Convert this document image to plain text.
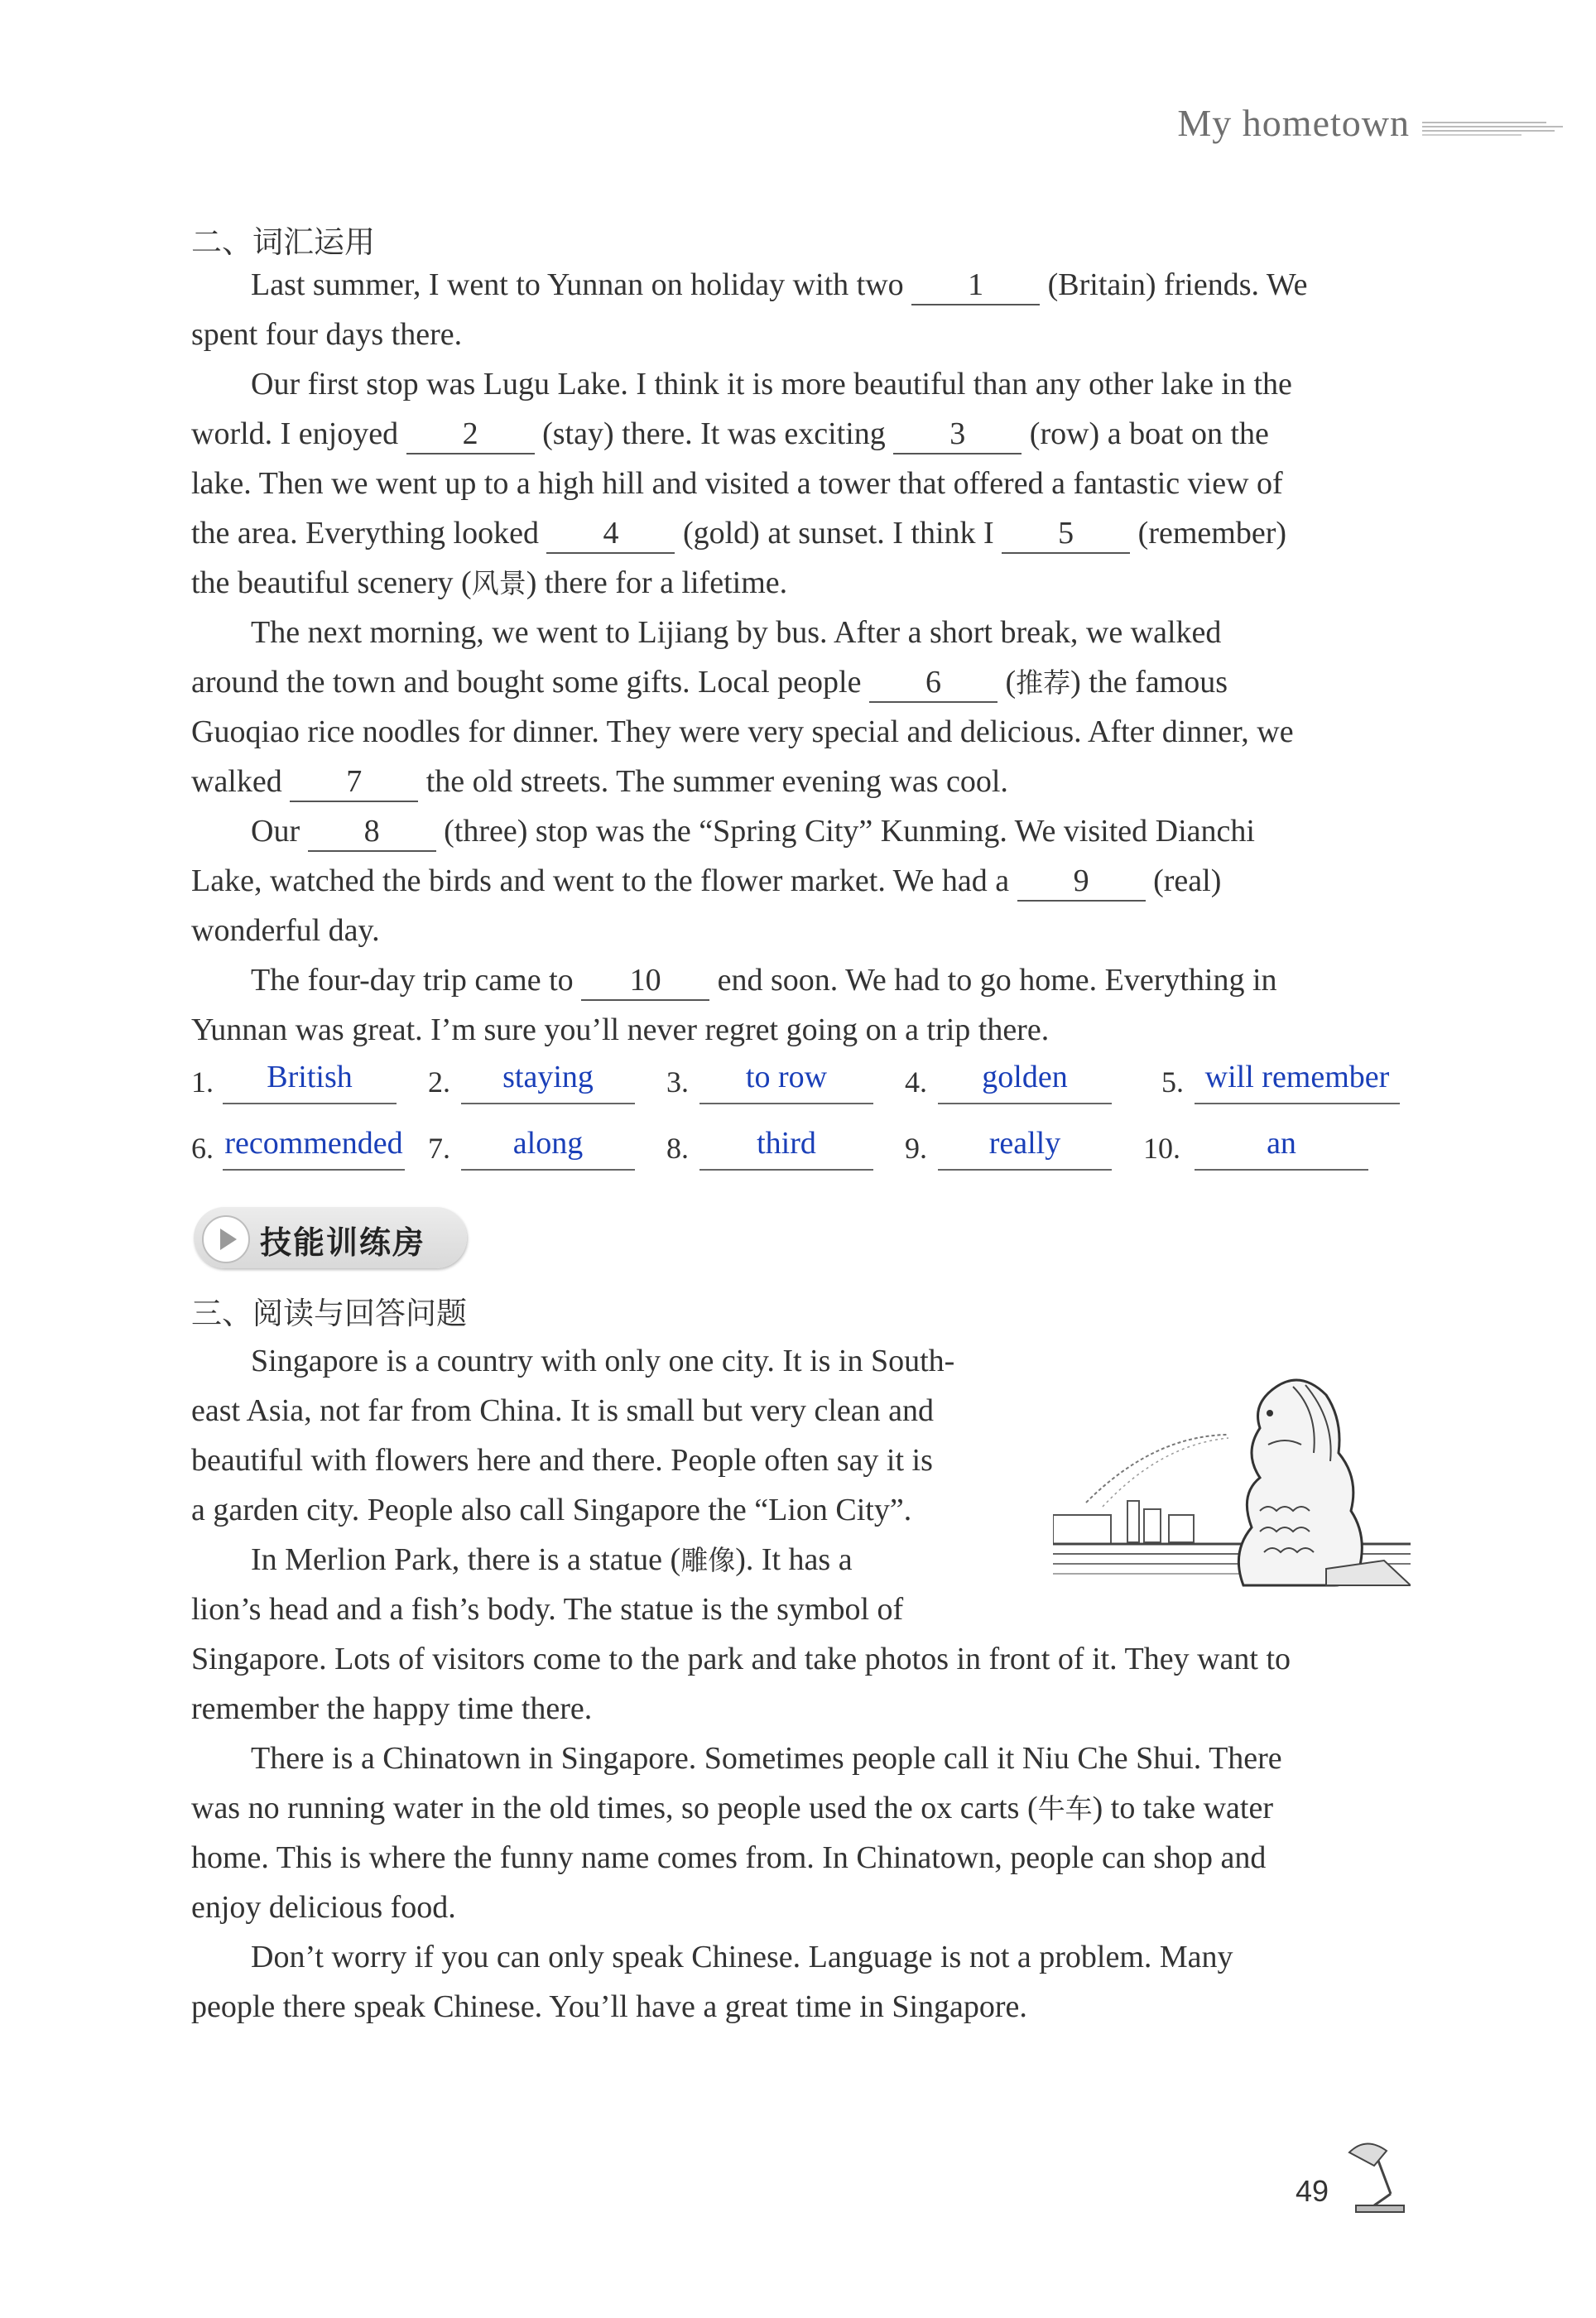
My hometown
二、词汇运用
Last summer, I went to Yunnan on holiday with two 1 (Britain) friends. We
spent four days there.
Our first stop was Lugu Lake. I think it is more beautiful than any other lake in the
world. I enjoyed 2 (stay) there. It was exciting 3 (row) a boat on the
lake. Then we went up to a high hill and visited a tower that offered a fantastic view of
the area. Everything looked 4 (gold) at sunset. I think I 5 (remember)
the beautiful scenery (风景) there for a lifetime.
The next morning, we went to Lijiang by bus. After a short break, we walked
around the town and bought some gifts. Local people 6 (推荐) the famous
Guoqiao rice noodles for dinner. They were very special and delicious. After dinner, we
walked 7 the old streets. The summer evening was cool.
Our 8 (three) stop was the “Spring City” Kunming. We visited Dianchi
Lake, watched the birds and went to the flower market. We had a 9 (real)
wonderful day.
The four-day trip came to 10 end soon. We had to go home. Everything in
Yunnan was great. I’m sure you’ll never regret going on a trip there.
1.	British	2.	staying	3.	to row	4.	golden	5. will remember
6. recommended 7.	along	8.	third	9.	really	10.	an
技能训练房
三、阅读与回答问题
Singapore is a country with only one city. It is in South-
east Asia, not far from China. It is small but very clean and
beautiful with flowers here and there. People often say it is
a garden city. People also call Singapore the “Lion City”.
In Merlion Park, there is a statue (雕像). It has a
lion’s head and a fish’s body. The statue is the symbol of
Singapore. Lots of visitors come to the park and take photos in front of it. They want to
remember the happy time there.
There is a Chinatown in Singapore. Sometimes people call it Niu Che Shui. There
was no running water in the old times, so people used the ox carts (牛车) to take water
home. This is where the funny name comes from. In Chinatown, people can shop and
enjoy delicious food.
Don’t worry if you can only speak Chinese. Language is not a problem. Many
people there speak Chinese. You’ll have a great time in Singapore.
49
